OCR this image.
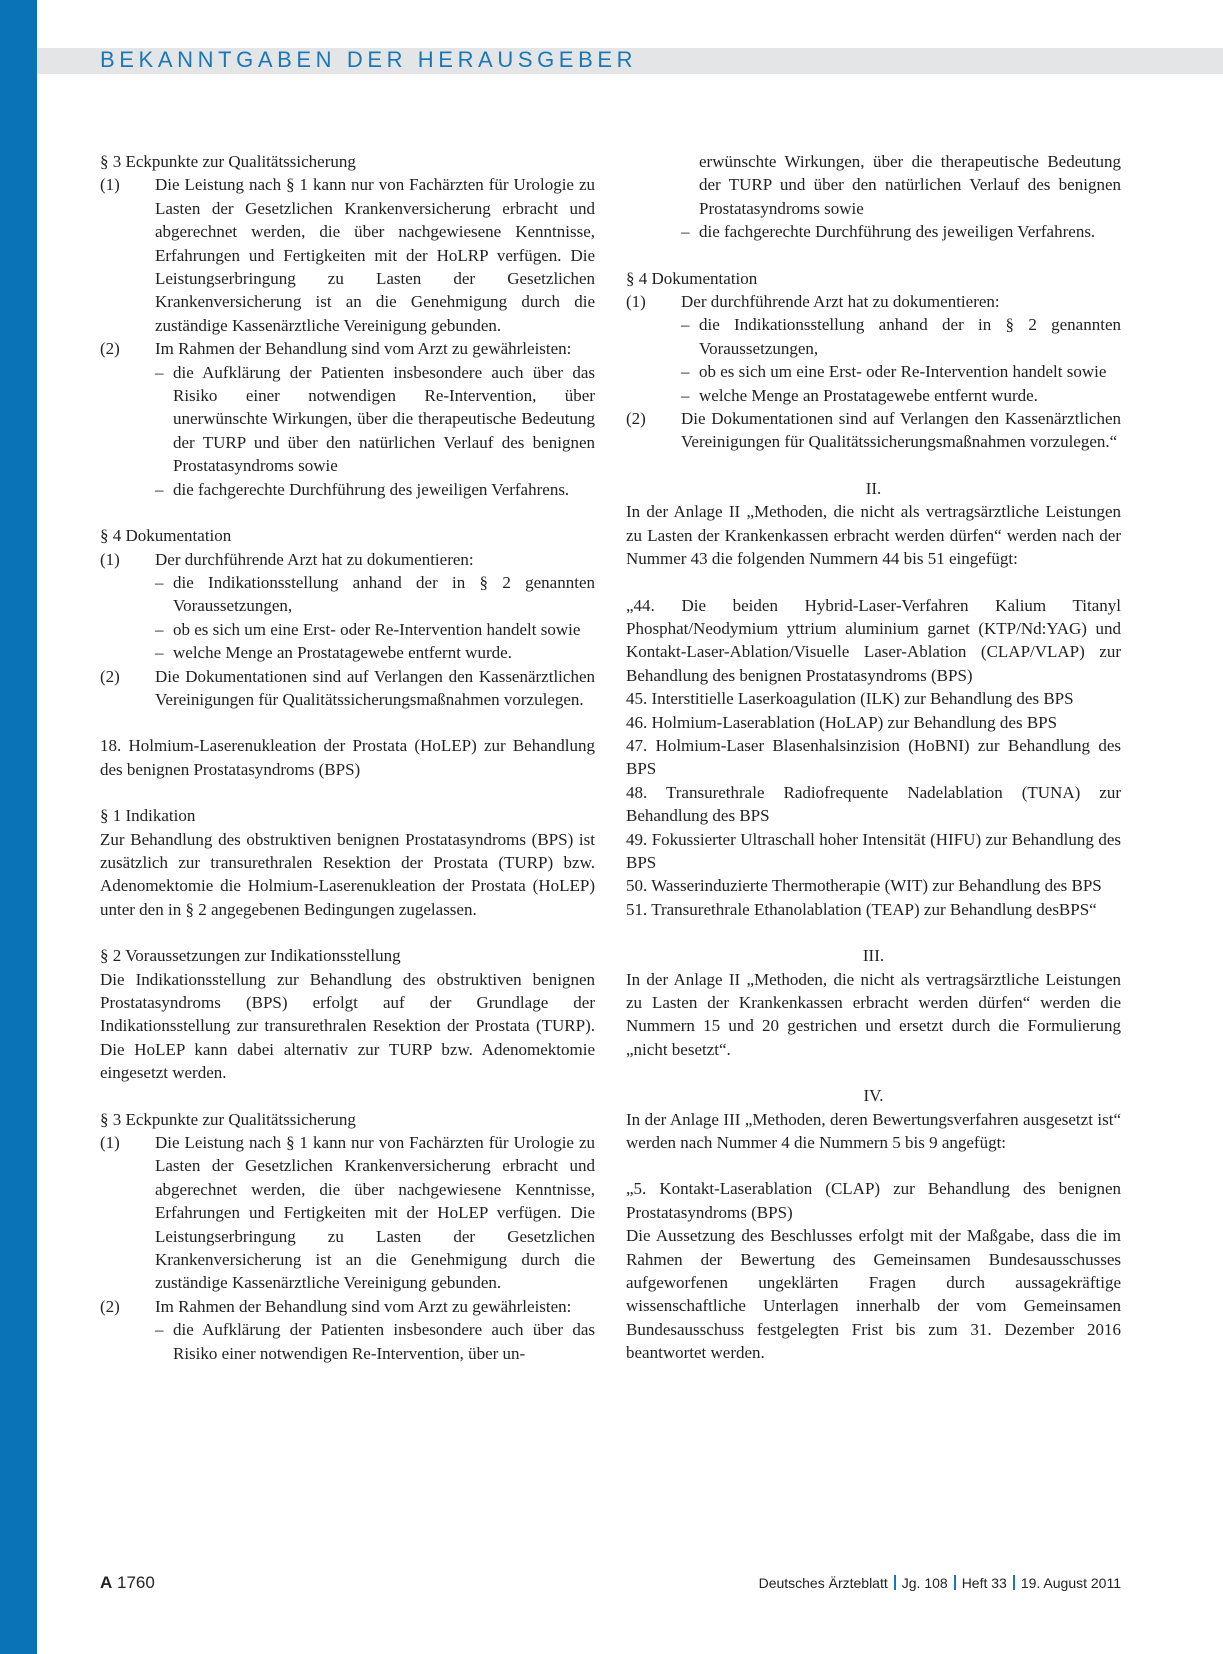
BEKANNTGABEN DER HERAUSGEBER

§ 3 Eckpunkte zur Qualitätssicherung

(1) Die Leistung nach § 1 kann nur von Fachärzten für Urologie zu Lasten der Gesetzlichen Krankenversicherung erbracht und abgerechnet werden, die über nachgewiesene Kenntnisse, Erfahrungen und Fertigkeiten mit der HoLRP verfügen. Die Leistungserbringung zu Lasten der Gesetzlichen Krankenversicherung ist an die Genehmigung durch die zuständige Kassenärztliche Vereinigung gebunden.

(2) Im Rahmen der Behandlung sind vom Arzt zu gewährleisten:

– die Aufklärung der Patienten insbesondere auch über das Risiko einer notwendigen Re-Intervention, über unerwünschte Wirkungen, über die therapeutische Bedeutung der TURP und über den natürlichen Verlauf des benignen Prostatasyndroms sowie

– die fachgerechte Durchführung des jeweiligen Verfahrens.

§ 4 Dokumentation

(1) Der durchführende Arzt hat zu dokumentieren:

– die Indikationsstellung anhand der in § 2 genannten Voraussetzungen,

– ob es sich um eine Erst- oder Re-Intervention handelt sowie

– welche Menge an Prostatagewebe entfernt wurde.

(2) Die Dokumentationen sind auf Verlangen den Kassenärztlichen Vereinigungen für Qualitätssicherungsmaßnahmen vorzulegen.

18. Holmium-Laserenukleation der Prostata (HoLEP) zur Behandlung des benignen Prostatasyndroms (BPS)

§ 1 Indikation

Zur Behandlung des obstruktiven benignen Prostatasyndroms (BPS) ist zusätzlich zur transurethralen Resektion der Prostata (TURP) bzw. Adenomektomie die Holmium-Laserenukleation der Prostata (HoLEP) unter den in § 2 angegebenen Bedingungen zugelassen.

§ 2 Voraussetzungen zur Indikationsstellung

Die Indikationsstellung zur Behandlung des obstruktiven benignen Prostatasyndroms (BPS) erfolgt auf der Grundlage der Indikationsstellung zur transurethralen Resektion der Prostata (TURP). Die HoLEP kann dabei alternativ zur TURP bzw. Adenomektomie eingesetzt werden.

§ 3 Eckpunkte zur Qualitätssicherung

(1) Die Leistung nach § 1 kann nur von Fachärzten für Urologie zu Lasten der Gesetzlichen Krankenversicherung erbracht und abgerechnet werden, die über nachgewiesene Kenntnisse, Erfahrungen und Fertigkeiten mit der HoLEP verfügen. Die Leistungserbringung zu Lasten der Gesetzlichen Krankenversicherung ist an die Genehmigung durch die zuständige Kassenärztliche Vereinigung gebunden.

(2) Im Rahmen der Behandlung sind vom Arzt zu gewährleisten:

– die Aufklärung der Patienten insbesondere auch über das Risiko einer notwendigen Re-Intervention, über un-

erwünschte Wirkungen, über die therapeutische Bedeutung der TURP und über den natürlichen Verlauf des benignen Prostatasyndroms sowie

– die fachgerechte Durchführung des jeweiligen Verfahrens.

§ 4 Dokumentation

(1) Der durchführende Arzt hat zu dokumentieren:

– die Indikationsstellung anhand der in § 2 genannten Voraussetzungen,

– ob es sich um eine Erst- oder Re-Intervention handelt sowie

– welche Menge an Prostatagewebe entfernt wurde.

(2) Die Dokumentationen sind auf Verlangen den Kassenärztlichen Vereinigungen für Qualitätssicherungsmaßnahmen vorzulegen.“

II.

In der Anlage II „Methoden, die nicht als vertragsärztliche Leistungen zu Lasten der Krankenkassen erbracht werden dürfen“ werden nach der Nummer 43 die folgenden Nummern 44 bis 51 eingefügt:

„44. Die beiden Hybrid-Laser-Verfahren Kalium Titanyl Phosphat/Neodymium yttrium aluminium garnet (KTP/Nd:YAG) und Kontakt-Laser-Ablation/Visuelle Laser-Ablation (CLAP/VLAP) zur Behandlung des benignen Prostatasyndroms (BPS)

45. Interstitielle Laserkoagulation (ILK) zur Behandlung des BPS

46. Holmium-Laserablation (HoLAP) zur Behandlung des BPS

47. Holmium-Laser Blasenhalsinzision (HoBNI) zur Behandlung des BPS

48. Transurethrale Radiofrequente Nadelablation (TUNA) zur Behandlung des BPS

49. Fokussierter Ultraschall hoher Intensität (HIFU) zur Behandlung des BPS

50. Wasserinduzierte Thermotherapie (WIT) zur Behandlung des BPS

51. Transurethrale Ethanolablation (TEAP) zur Behandlung desBPS“

III.

In der Anlage II „Methoden, die nicht als vertragsärztliche Leistungen zu Lasten der Krankenkassen erbracht werden dürfen“ werden die Nummern 15 und 20 gestrichen und ersetzt durch die Formulierung „nicht besetzt“.

IV.

In der Anlage III „Methoden, deren Bewertungsverfahren ausgesetzt ist“ werden nach Nummer 4 die Nummern 5 bis 9 angefügt:

„5. Kontakt-Laserablation (CLAP) zur Behandlung des benignen Prostatasyndroms (BPS)

Die Aussetzung des Beschlusses erfolgt mit der Maßgabe, dass die im Rahmen der Bewertung des Gemeinsamen Bundesausschusses aufgeworfenen ungeklärten Fragen durch aussagekräftige wissenschaftliche Unterlagen innerhalb der vom Gemeinsamen Bundesausschuss festgelegten Frist bis zum 31. Dezember 2016 beantwortet werden.

A 1760	Deutsches Ärzteblatt Jg. 108 Heft 33 19. August 2011
